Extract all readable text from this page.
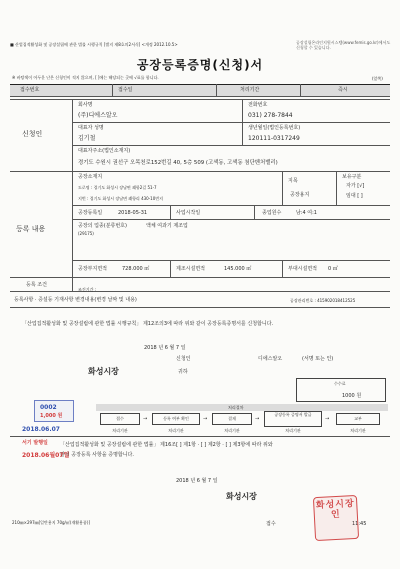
■ 산업집적활성화 및 공장설립에 관한 법률 시행규칙 [별지 제8호의2서식] <개정 2012.10.5>	공장설립온라인지원시스템(www.femis.go.kr)에서도 신청할 수 있습니다.
공장등록증명(신청)서
※ 바탕색이 어두운 난은 신청인이 적지 않으며, [ ]에는 해당되는 곳에 √표를 합니다.	(앞쪽)
접수번호	접수일	처리기간	즉시
신청인
회사명
(주)디에스알오
전화번호
031) 278-7844
대표자 성명
김기철
생년월일(법인등록번호)
120111-0317249
대표자주소(법인소재지)
경기도 수원시 권선구 오목천로152번길 40, 5층 509 (고색동, 고색동 첨단벤처밸리)
등록 내용
공장소재지
도로명 : 경기도 화성시 장남면 쾌항2길 51-7
지번 : 경기도 화성시 장남면 쾌항리 430-10번지
지목
공장용지
보유구분
자가 [√]
임대 [ ]
공장등록일	2018-05-31	사업시작일	종업원수	남:4 여:1
공장의 업종(분류번호)	액체 여과기 제조업
(29175)
공장부지면적	728.000 ㎡	제조시설면적	145.000 ㎡	부대시설면적 0 ㎡
등록 조건
조건기간 :
등록사항 · 증설등 기재사항 변경내용(변경 날짜 및 내용)	공장관리번호 : 415902018412525
「산업집적활성화 및 공장설립에 관한 법률 시행규칙」 제12조의3에 따라 위와 같이 공장등록증명서를 신청합니다.
2018 년 6 월 7 일
신청인	디에스알오	(서명 또는 인)
화성시장	귀하
수수료
1000 원
처리절차
접수
처리기관
→	등록 여부 확인
처리기관
→	결재
처리기관
→
공장등록 증명서 발급
처리기관
→	교부
처리기관
「산업집적활성화 및 공장설립에 관한 법률」 제16조[ ] 제1항 · [ ] 제2항 · [ ] 제3항에 따라 위와
같이 공장등록 사항을 증명합니다.
2018 년 6 월 7 일
화성시장
접수	11:45
210㎜×297㎜[일반용지 70g/㎡(재활용품)]
0002
1,000 원
2018.06.07
서기 발행일
2018.06월07일
화성시장인
